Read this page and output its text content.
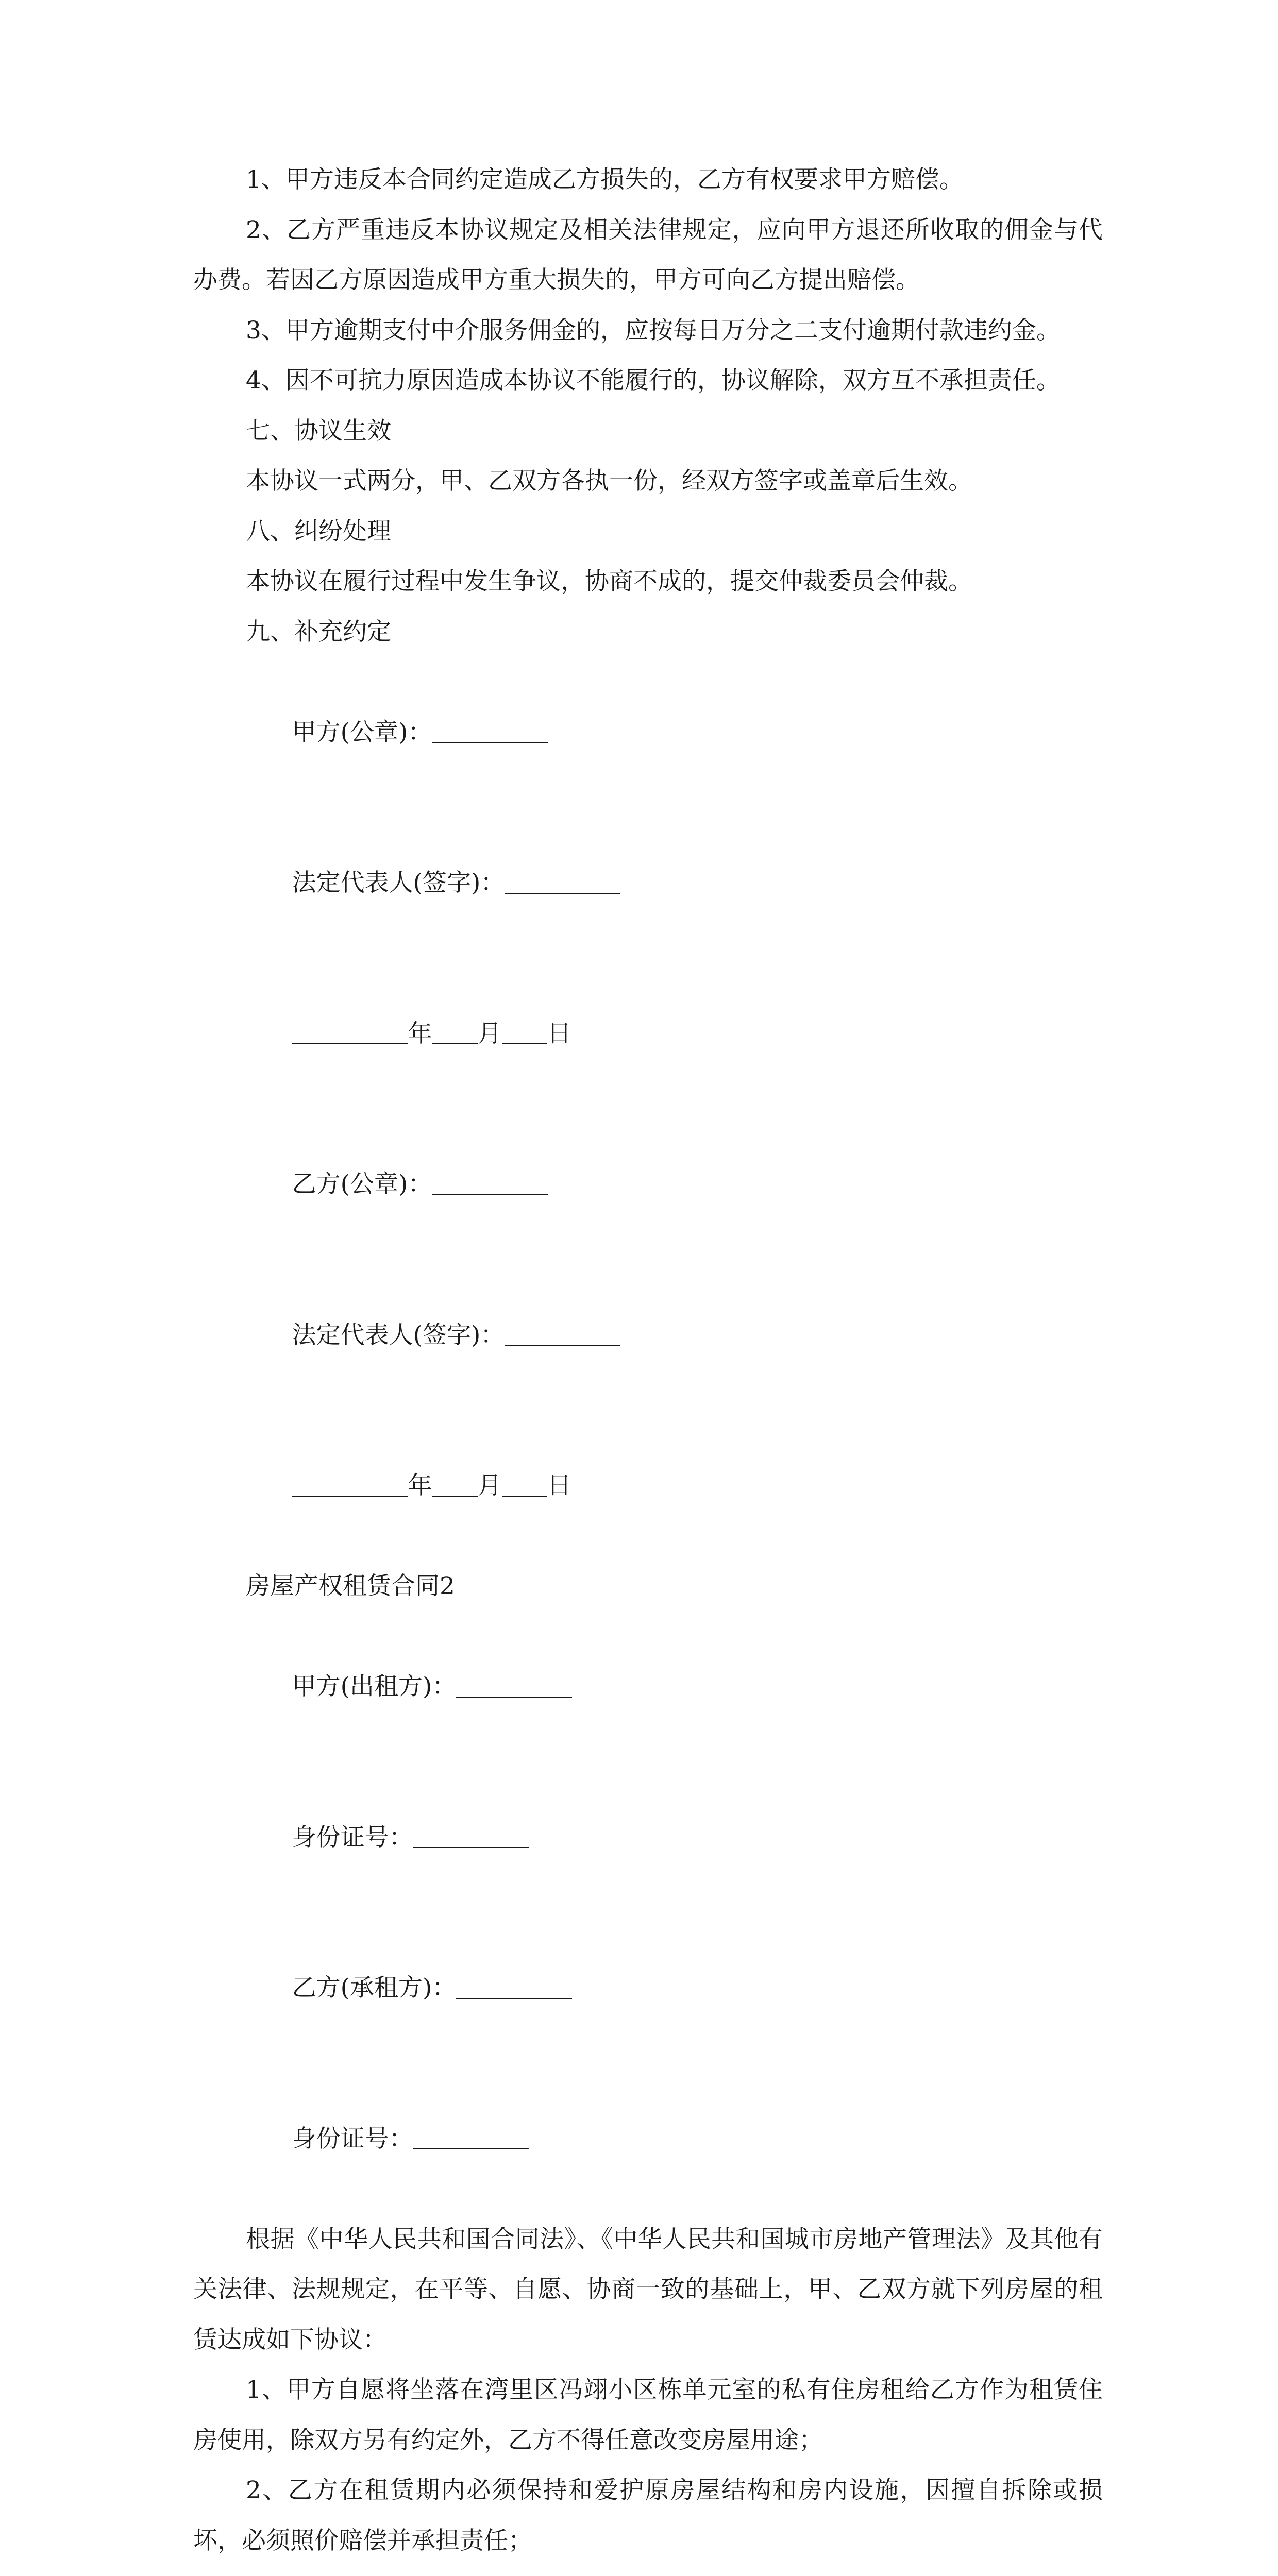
1、甲方违反本合同约定造成乙方损失的，乙方有权要求甲方赔偿。
2、乙方严重违反本协议规定及相关法律规定，应向甲方退还所收取的佣金与代办费。若因乙方原因造成甲方重大损失的，甲方可向乙方提出赔偿。
3、甲方逾期支付中介服务佣金的，应按每日万分之二支付逾期付款违约金。
4、因不可抗力原因造成本协议不能履行的，协议解除，双方互不承担责任。
七、协议生效
本协议一式两分，甲、乙双方各执一份，经双方签字或盖章后生效。
八、纠纷处理
本协议在履行过程中发生争议，协商不成的，提交仲裁委员会仲裁。
九、补充约定

甲方(公章)：

法定代表人(签字)：

年 月 日

乙方(公章)：

法定代表人(签字)：

年 月 日

房屋产权租赁合同2

甲方(出租方)：

身份证号：

乙方(承租方)：

身份证号：

根据《中华人民共和国合同法》、《中华人民共和国城市房地产管理法》及其他有关法律、法规规定，在平等、自愿、协商一致的基础上，甲、乙双方就下列房屋的租赁达成如下协议：
1、甲方自愿将坐落在湾里区冯翊小区栋单元室的私有住房租给乙方作为租赁住房使用，除双方另有约定外，乙方不得任意改变房屋用途；
2、乙方在租赁期内必须保持和爱护原房屋结构和房内设施，因擅自拆除或损坏，必须照价赔偿并承担责任；
